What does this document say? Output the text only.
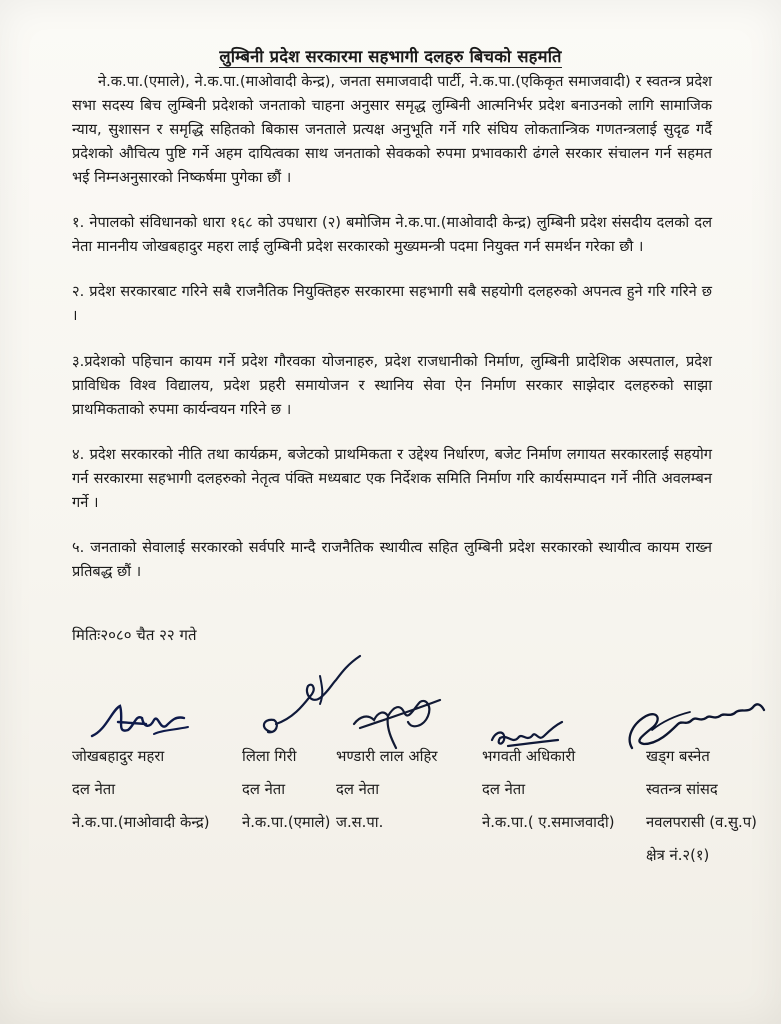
लुम्बिनी प्रदेश सरकारमा सहभागी दलहरु बिचको सहमति

ने.क.पा.(एमाले), ने.क.पा.(माओवादी केन्द्र), जनता समाजवादी पार्टी, ने.क.पा.(एकिकृत समाजवादी) र स्वतन्त्र प्रदेश सभा सदस्य बिच लुम्बिनी प्रदेशको जनताको चाहना अनुसार समृद्ध लुम्बिनी आत्मनिर्भर प्रदेश बनाउनको लागि सामाजिक न्याय, सुशासन र समृद्धि सहितको बिकास जनताले प्रत्यक्ष अनुभूति गर्ने गरि संघिय लोकतान्त्रिक गणतन्त्रलाई सुदृढ गर्दै प्रदेशको औचित्य पुष्टि गर्ने अहम दायित्वका साथ जनताको सेवकको रुपमा प्रभावकारी ढंगले सरकार संचालन गर्न सहमत भई निम्नअनुसारको निष्कर्षमा पुगेका छौं ।

१. नेपालको संविधानको धारा १६८ को उपधारा (२) बमोजिम ने.क.पा.(माओवादी केन्द्र) लुम्बिनी प्रदेश संसदीय दलको दल नेता माननीय जोखबहादुर महरा लाई लुम्बिनी प्रदेश सरकारको मुख्यमन्त्री पदमा नियुक्त गर्न समर्थन गरेका छौ ।

२. प्रदेश सरकारबाट गरिने सबै राजनैतिक नियुक्तिहरु सरकारमा सहभागी सबै सहयोगी दलहरुको अपनत्व हुने गरि गरिने छ ।

३.प्रदेशको पहिचान कायम गर्ने प्रदेश गौरवका योजनाहरु, प्रदेश राजधानीको निर्माण, लुम्बिनी प्रादेशिक अस्पताल, प्रदेश प्राविधिक विश्व विद्यालय, प्रदेश प्रहरी समायोजन र स्थानिय सेवा ऐन निर्माण सरकार साझेदार दलहरुको साझा प्राथमिकताको रुपमा कार्यन्वयन गरिने छ ।

४. प्रदेश सरकारको नीति तथा कार्यक्रम, बजेटको प्राथमिकता र उद्देश्य निर्धारण, बजेट निर्माण लगायत सरकारलाई सहयोग गर्न सरकारमा सहभागी दलहरुको नेतृत्व पंक्ति मध्यबाट एक निर्देशक समिति निर्माण गरि कार्यसम्पादन गर्ने नीति अवलम्बन गर्ने ।

५. जनताको सेवालाई सरकारको सर्वपरि मान्दै राजनैतिक स्थायीत्व सहित लुम्बिनी प्रदेश सरकारको स्थायीत्व कायम राख्न प्रतिबद्ध छौं ।

मितिः२०८० चैत २२ गते
जोखबहादुर महरा
दल नेता
ने.क.पा.(माओवादी केन्द्र)
लिला गिरी
दल नेता
ने.क.पा.(एमाले)
भण्डारी लाल अहिर
दल नेता
ज.स.पा.
भगवती अधिकारी
दल नेता
ने.क.पा.( ए.समाजवादी)
खड्ग बस्नेत
स्वतन्त्र सांसद
नवलपरासी (व.सु.प)
क्षेत्र नं.२(१)
